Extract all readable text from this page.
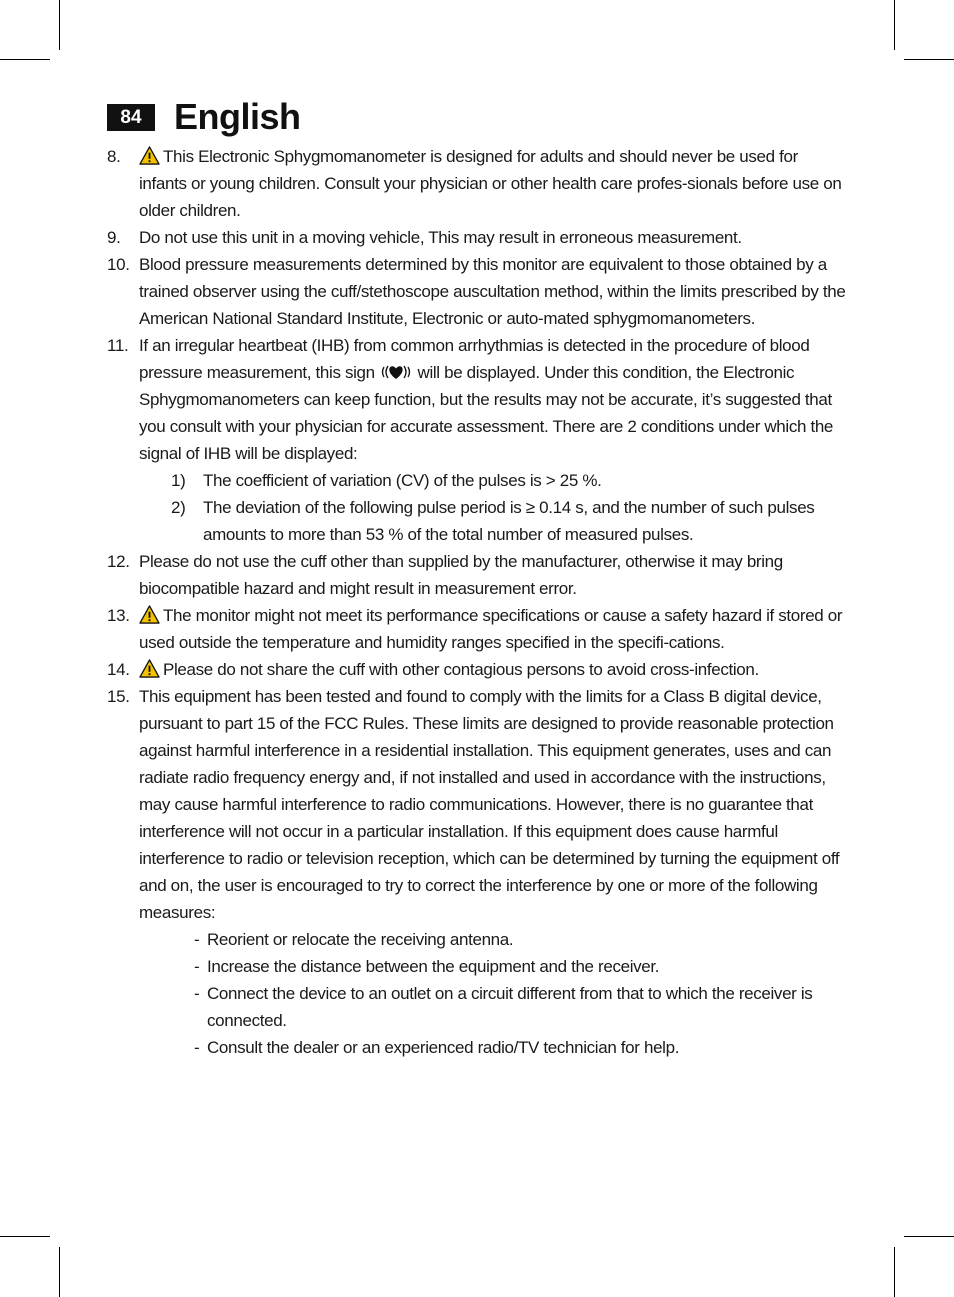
84 English
8.	This Electronic Sphygmomanometer is designed for adults and should never be used for infants or young children. Consult your physician or other health care profes-sionals before use on older children.
9. Do not use this unit in a moving vehicle, This may result in erroneous measurement.
10. Blood pressure measurements determined by this monitor are equivalent to those obtained by a trained observer using the cuff/stethoscope auscultation method, within the limits prescribed by the American National Standard Institute, Electronic or auto-mated sphygmomanometers.
11. If an irregular heartbeat (IHB) from common arrhythmias is detected in the procedure of blood pressure measurement, this sign	will be displayed. Under this condition, the Electronic Sphygmomanometers can keep function, but the results may not be accurate, it’s suggested that you consult with your physician for accurate assessment. There are 2 conditions under which the signal of IHB will be displayed:
1) The coefficient of variation (CV) of the pulses is > 25 %.
2) The deviation of the following pulse period is ≥ 0.14 s, and the number of such pulses amounts to more than 53 % of the total number of measured pulses.
12. Please do not use the cuff other than supplied by the manufacturer, otherwise it may bring biocompatible hazard and might result in measurement error.
13. The monitor might not meet its performance specifications or cause a safety hazard if stored or used outside the temperature and humidity ranges specified in the specifi-cations.
14. Please do not share the cuff with other contagious persons to avoid cross-infection.
15. This equipment has been tested and found to comply with the limits for a Class B digital device, pursuant to part 15 of the FCC Rules. These limits are designed to provide reasonable protection against harmful interference in a residential installation. This equipment generates, uses and can radiate radio frequency energy and, if not installed and used in accordance with the instructions, may cause harmful interference to radio communications. However, there is no guarantee that interference will not occur in a particular installation. If this equipment does cause harmful interference to radio or television reception, which can be determined by turning the equipment off and on, the user is encouraged to try to correct the interference by one or more of the following measures:
- Reorient or relocate the receiving antenna.
- Increase the distance between the equipment and the receiver.
- Connect the device to an outlet on a circuit different from that to which the receiver is connected.
- Consult the dealer or an experienced radio/TV technician for help.
